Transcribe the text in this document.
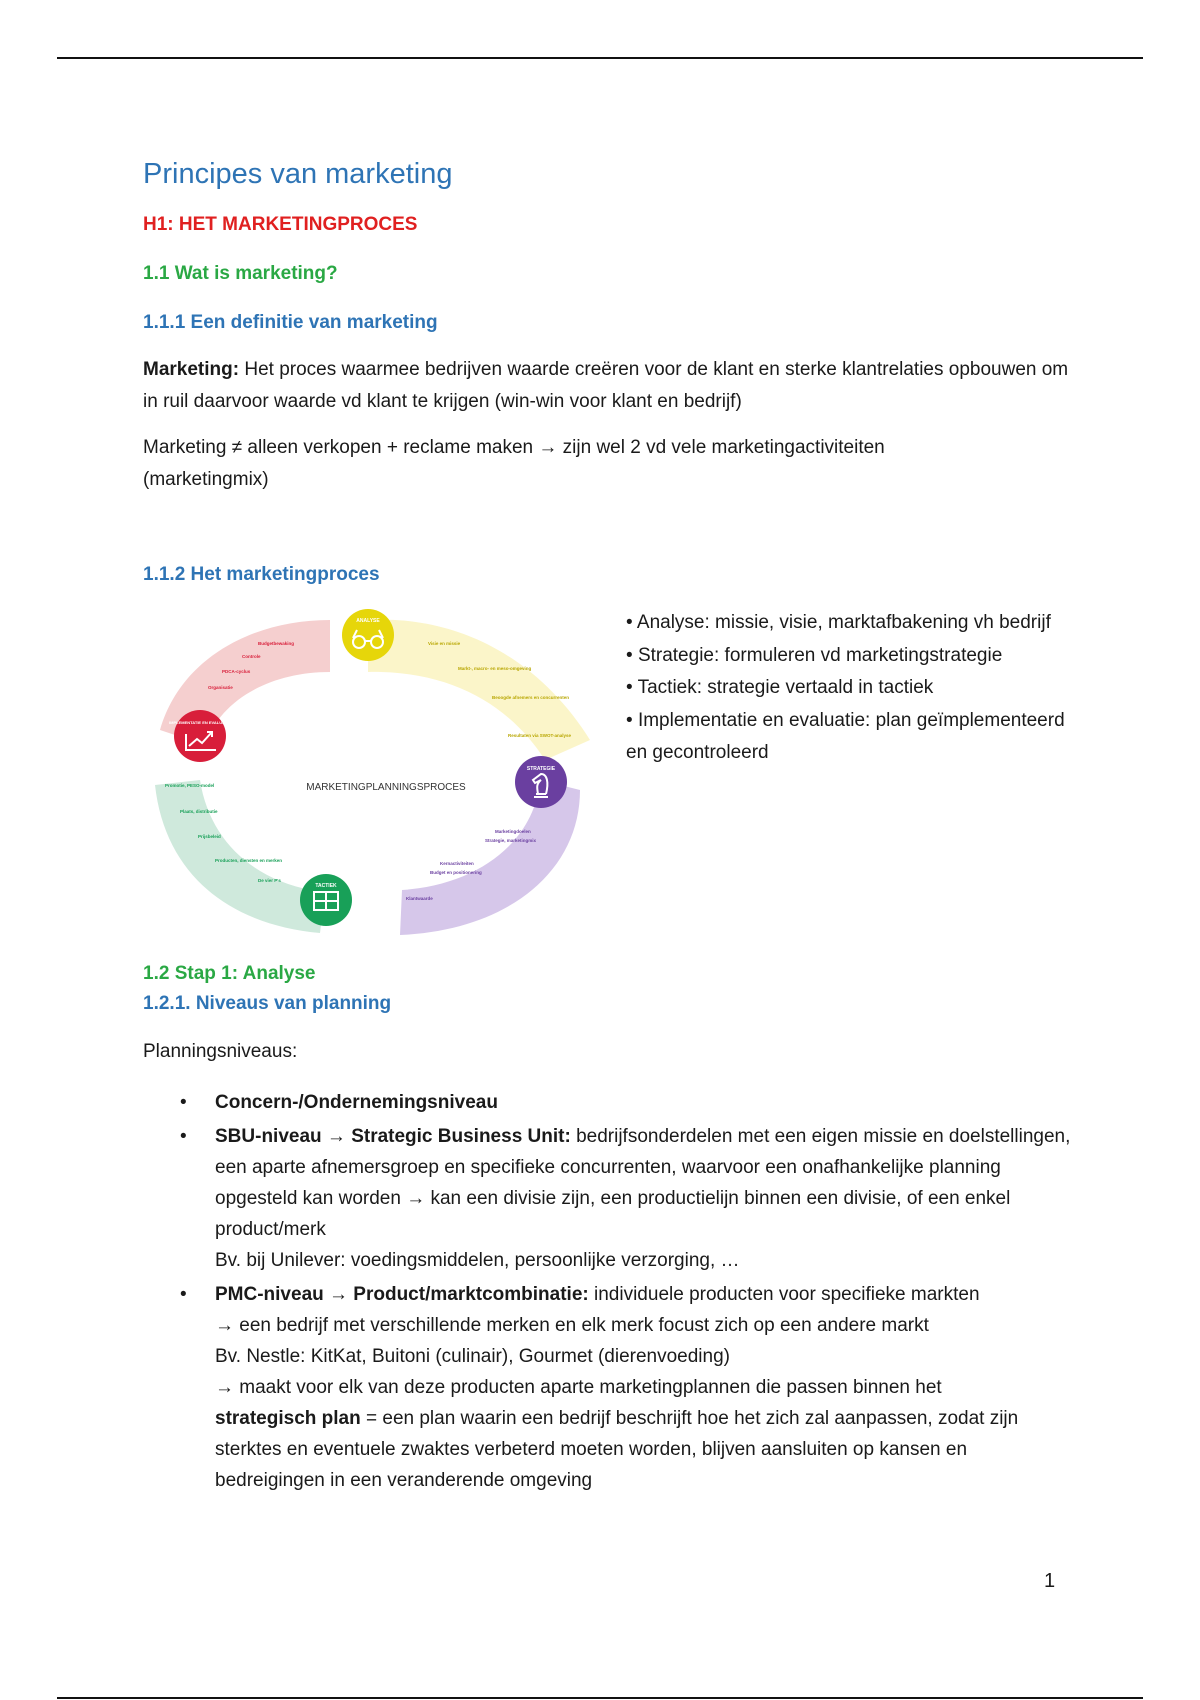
Principes van marketing
H1: HET MARKETINGPROCES
1.1 Wat is marketing?
1.1.1 Een definitie van marketing

Marketing: Het proces waarmee bedrijven waarde creëren voor de klant en sterke klantrelaties opbouwen om in ruil daarvoor waarde vd klant te krijgen (win-win voor klant en bedrijf)

Marketing ≠ alleen verkopen + reclame maken → zijn wel 2 vd vele marketingactiviteiten (marketingmix)

1.1.2 Het marketingproces
Visie en missie
Markt-, macro- en meso-omgeving
Beoogde afnemers en concurrenten
Resultaten via SWOT-analyse
Marketingdoelen
Strategie, marketingmix
Kernactiviteiten
Budget en positionering
Klantwaarde
De vier P's
Producten, diensten en merken
Prijsbeleid
Plaats, distributie
Promotie, PESO-model
Budgetbewaking
Controle
PDCA-cyclus
Organisatie
MARKETINGPLANNINGSPROCES
ANALYSE
STRATEGIE
TACTIEK
IMPLEMENTATIE EN EVALUATIE
• Analyse: missie, visie, marktafbakening vh bedrijf
• Strategie: formuleren vd marketingstrategie
• Tactiek: strategie vertaald in tactiek
• Implementatie en evaluatie: plan geïmplementeerd en gecontroleerd
1.2 Stap 1: Analyse
1.2.1. Niveaus van planning

Planningsniveaus:

• Concern-/Ondernemingsniveau
• SBU-niveau → Strategic Business Unit: bedrijfsonderdelen met een eigen missie en doelstellingen, een aparte afnemersgroep en specifieke concurrenten, waarvoor een onafhankelijke planning opgesteld kan worden → kan een divisie zijn, een productielijn binnen een divisie, of een enkel product/merk
Bv. bij Unilever: voedingsmiddelen, persoonlijke verzorging, …
• PMC-niveau → Product/marktcombinatie: individuele producten voor specifieke markten
→ een bedrijf met verschillende merken en elk merk focust zich op een andere markt
Bv. Nestle: KitKat, Buitoni (culinair), Gourmet (dierenvoeding)
→ maakt voor elk van deze producten aparte marketingplannen die passen binnen het
strategisch plan = een plan waarin een bedrijf beschrijft hoe het zich zal aanpassen, zodat zijn sterktes en eventuele zwaktes verbeterd moeten worden, blijven aansluiten op kansen en bedreigingen in een veranderende omgeving
1
